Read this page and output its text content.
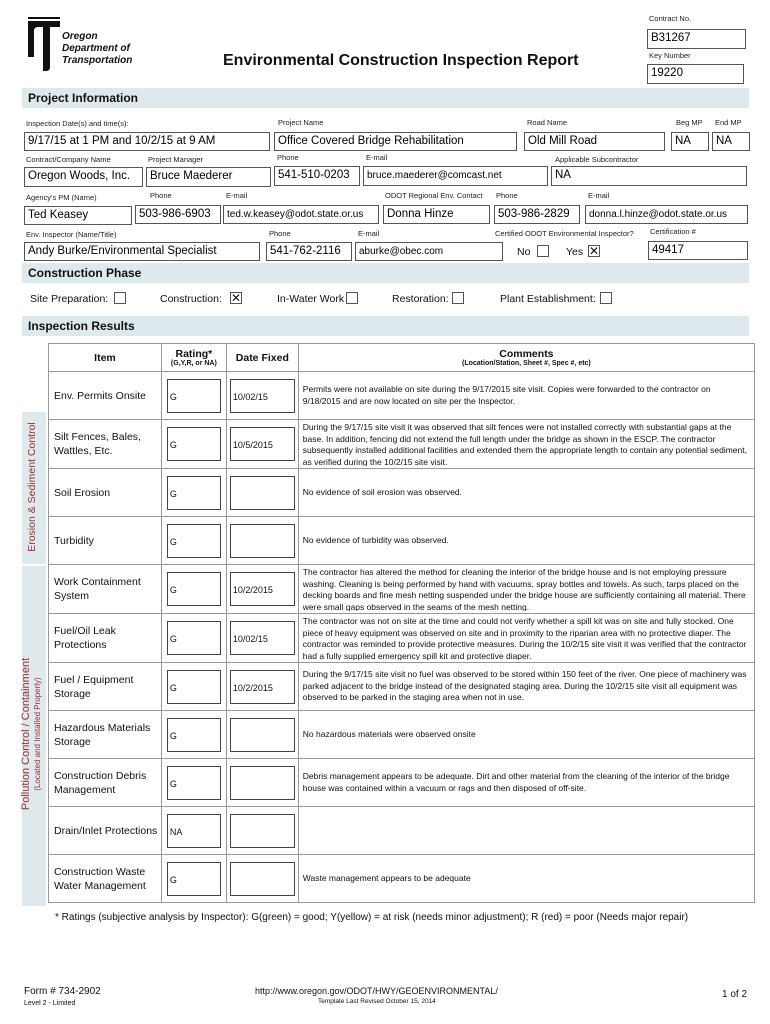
Oregon
Department of
Transportation	Environmental Construction Inspection Report
Contract No.
B31267
Key Number
19220
Project Information
Inspection Date(s) and time(s):
9/17/15 at 1 PM and 10/2/15 at 9 AM
Project Name
Office Covered Bridge Rehabilitation
Road Name
Old Mill Road
Beg MP
NA
End MP
NA
Contract/Company Name
Oregon Woods, Inc.
Project Manager
Bruce Maederer
Phone
541-510-0203
E-mail
bruce.maederer@comcast.net
Applicable Subcontractor
NA
Agency's PM (Name)
Ted Keasey
Phone
503-986-6903
E-mail
ted.w.keasey@odot.state.or.us
ODOT Regional Env. Contact
Donna Hinze
Phone
503-986-2829
E-mail
donna.l.hinze@odot.state.or.us
Env. Inspector (Name/Title)
Andy Burke/Environmental Specialist
Phone
541-762-2116
E-mail
aburke@obec.com
Certified ODOT Environmental Inspector?
No	Yes ✕
Certification #
49417
Construction Phase
Site Preparation:	Construction: ✕	In-Water Work	Restoration:	Plant Establishment:
Inspection Results
Erosion & Sediment Control
Pollution Control / Containment (Located and Installed Properly)
Item	Rating*
(G,Y,R, or NA)	Date Fixed	Comments
(Location/Station, Sheet #, Spec #, etc)

Env. Permits Onsite	G	10/02/15	Permits were not available on site during the 9/17/2015 site visit. Copies were forwarded to the contractor on 9/18/2015 and are now located on site per the Inspector.

Silt Fences, Bales, Wattles, Etc.	G	10/5/2015	During the 9/17/15 site visit it was observed that silt fences were not installed correctly with substantial gaps at the base. In addition, fencing did not extend the full length under the bridge as shown in the ESCP. The contractor subsequently installed additional facilities and extended them the appropriate length to contain any potential sediment, as verified during the 10/2/15 site visit.

Soil Erosion	G		No evidence of soil erosion was observed.

Turbidity	G		No evidence of turbidity was observed.

Work Containment System	G	10/2/2015	The contractor has altered the method for cleaning the interior of the bridge house and is not employing pressure washing. Cleaning is being performed by hand with vacuums, spray bottles and towels. As such, tarps placed on the decking boards and fine mesh netting suspended under the bridge house are sufficiently containing all material. There were small gaps observed in the seams of the mesh netting.

Fuel/Oil Leak Protections	G	10/02/15	The contractor was not on site at the time and could not verify whether a spill kit was on site and fully stocked. One piece of heavy equipment was observed on site and in proximity to the riparian area with no protective diaper. The contractor was reminded to provide protective measures. During the 10/2/15 site visit it was verified that the contractor had a fully supplied emergency spill kit and protective diaper.

Fuel / Equipment Storage	G	10/2/2015	During the 9/17/15 site visit no fuel was observed to be stored within 150 feet of the river. One piece of machinery was parked adjacent to the bridge instead of the designated staging area. During the 10/2/15 site visit all equipment was observed to be parked in the staging area when not in use.

Hazardous Materials Storage	G		No hazardous materials were observed onsite

Construction Debris Management	G		Debris management appears to be adequate. Dirt and other material from the cleaning of the interior of the bridge house was contained within a vacuum or rags and then disposed of off-site.

Drain/Inlet Protections	NA		

Construction Waste Water Management	G		Waste management appears to be adequate
* Ratings (subjective analysis by Inspector): G(green) = good; Y(yellow) = at risk (needs minor adjustment); R (red) = poor (Needs major repair)
Form # 734-2902
Level 2 - Limited
http://www.oregon.gov/ODOT/HWY/GEOENVIRONMENTAL/
Template Last Revised October 15, 2014
1 of 2
